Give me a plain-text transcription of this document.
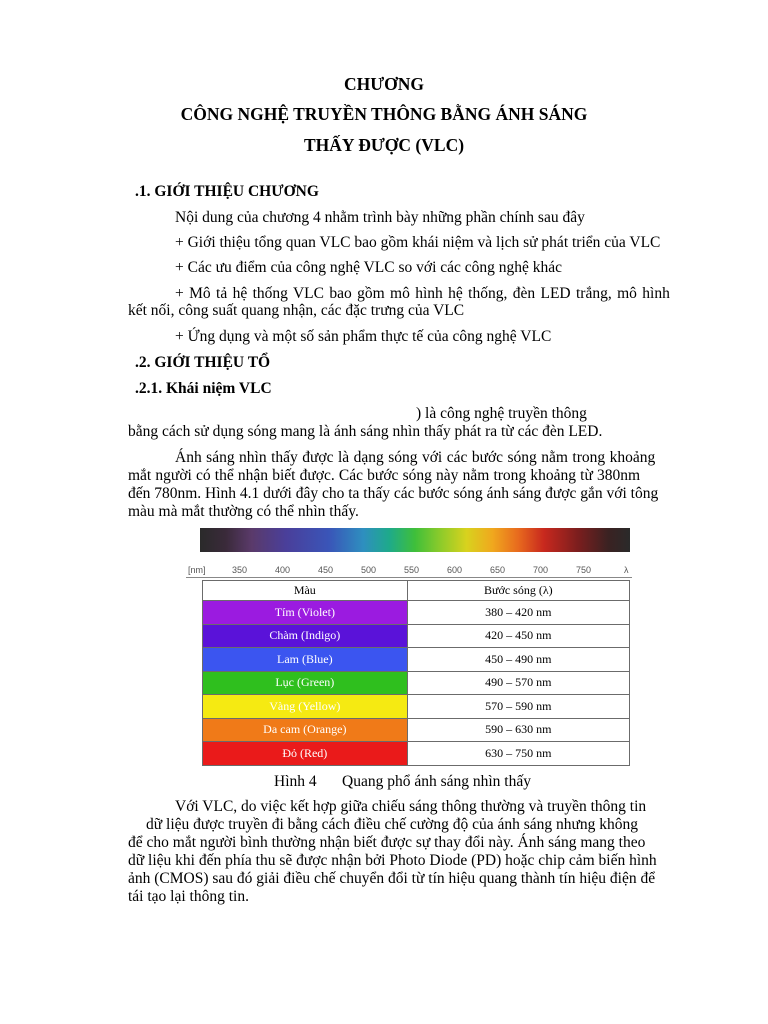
CHƯƠNG
CÔNG NGHỆ TRUYỀN THÔNG BẰNG ÁNH SÁNG
THẤY ĐƯỢC (VLC)
.1. GIỚI THIỆU CHƯƠNG
Nội dung của chương 4 nhằm trình bày những phần chính sau đây
+ Giới thiệu tổng quan VLC bao gồm khái niệm và lịch sử phát triển của VLC
+ Các ưu điểm của công nghệ VLC so với các công nghệ khác
+ Mô tả hệ thống VLC bao gồm mô hình hệ thống, đèn LED trắng, mô hình
kết nối, công suất quang nhận, các đặc trưng của VLC
+ Ứng dụng và một số sản phẩm thực tế của công nghệ VLC
.2. GIỚI THIỆU TỔ
.2.1. Khái niệm VLC
) là công nghệ truyền thông
bằng cách sử dụng sóng mang là ánh sáng nhìn thấy phát ra từ các đèn LED.
Ánh sáng nhìn thấy được là dạng sóng với các bước sóng nằm trong khoảng
mắt người có thể nhận biết được. Các bước sóng này nằm trong khoảng từ 380nm
đến 780nm. Hình 4.1 dưới đây cho ta thấy các bước sóng ánh sáng được gắn với tông
màu mà mắt thường có thể nhìn thấy.
[nm]	350	400	450	500	550	600	650	700	750	λ
Màu	Bước sóng (λ)
Tím (Violet)	380 – 420 nm
Chàm (Indigo)	420 – 450 nm
Lam (Blue)	450 – 490 nm
Lục (Green)	490 – 570 nm
Vàng (Yellow)	570 – 590 nm
Da cam (Orange)	590 – 630 nm
Đỏ (Red)	630 – 750 nm
Hình 4 Quang phổ ánh sáng nhìn thấy
Với VLC, do việc kết hợp giữa chiếu sáng thông thường và truyền thông tin
dữ liệu được truyền đi bằng cách điều chế cường độ của ánh sáng nhưng không
để cho mắt người bình thường nhận biết được sự thay đổi này. Ánh sáng mang theo
dữ liệu khi đến phía thu sẽ được nhận bởi Photo Diode (PD) hoặc chip cảm biến hình
ảnh (CMOS) sau đó giải điều chế chuyển đổi từ tín hiệu quang thành tín hiệu điện để
tái tạo lại thông tin.
